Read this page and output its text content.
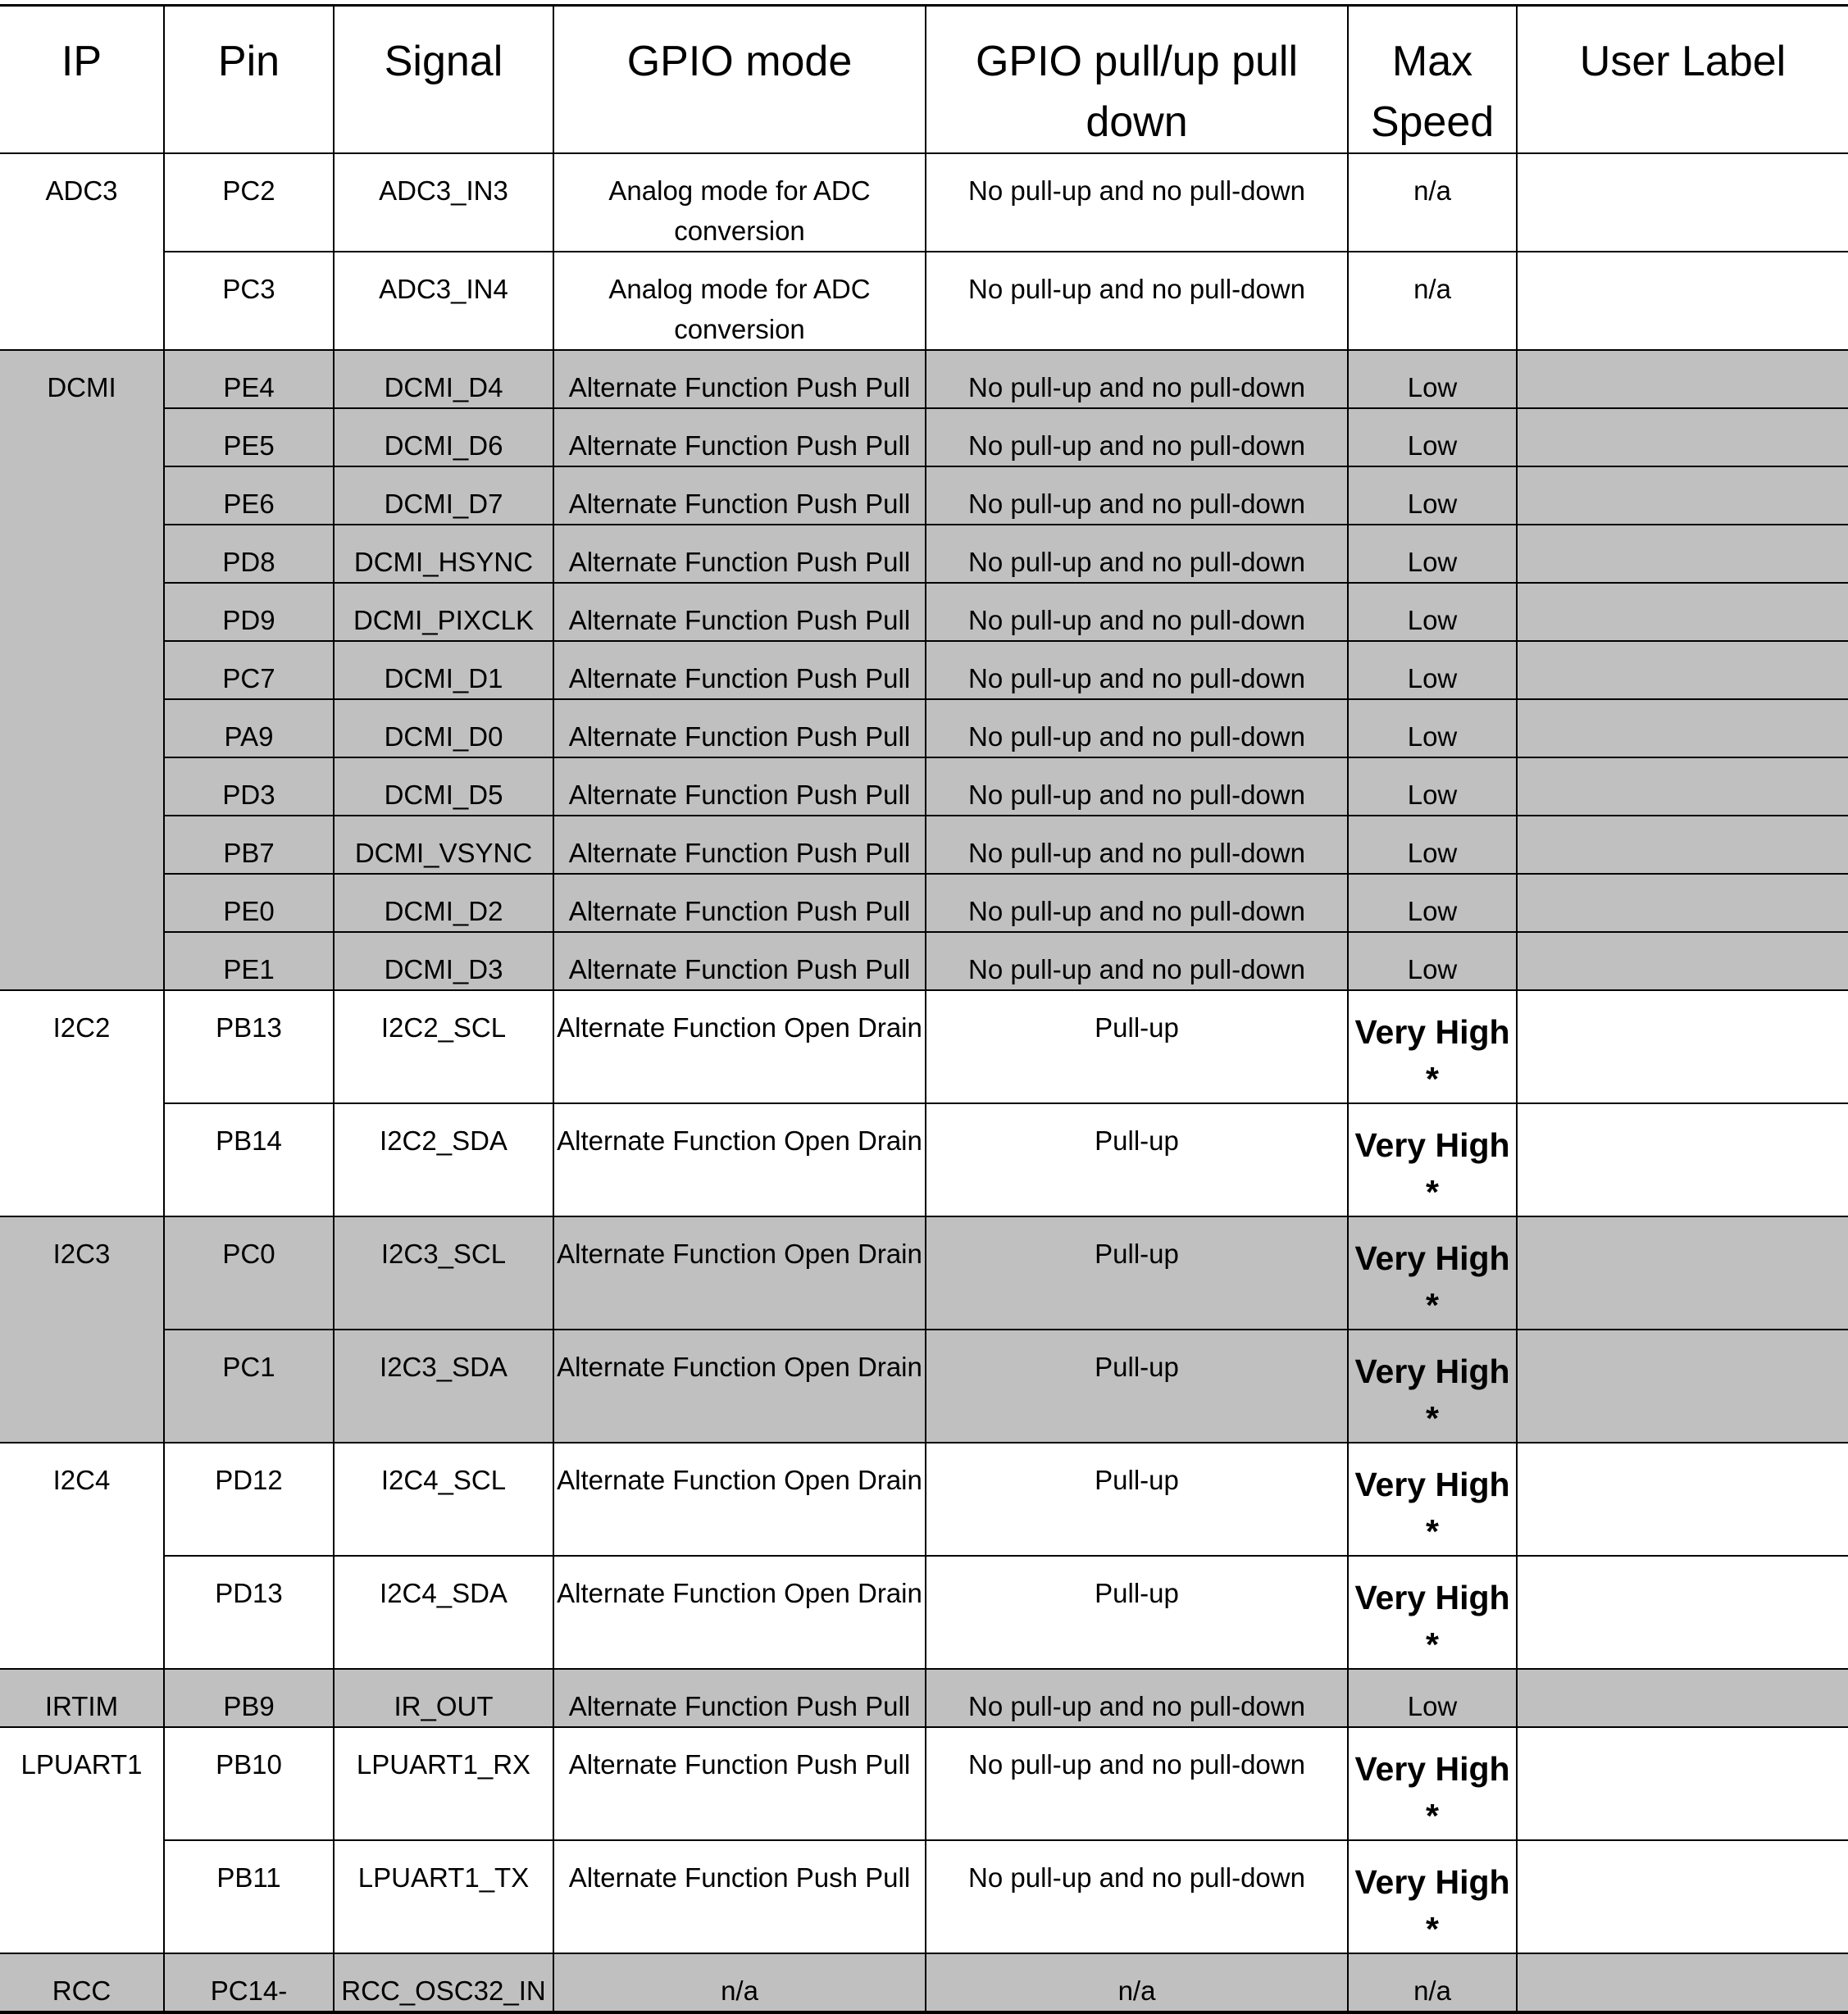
IP	Pin	Signal	GPIO mode	GPIO pull/up pull down	Max Speed	User Label
ADC3	PC2	ADC3_IN3	Analog mode for ADC conversion	No pull-up and no pull-down	n/a	
	PC3	ADC3_IN4	Analog mode for ADC conversion	No pull-up and no pull-down	n/a	
DCMI	PE4	DCMI_D4	Alternate Function Push Pull	No pull-up and no pull-down	Low	
	PE5	DCMI_D6	Alternate Function Push Pull	No pull-up and no pull-down	Low	
	PE6	DCMI_D7	Alternate Function Push Pull	No pull-up and no pull-down	Low	
	PD8	DCMI_HSYNC	Alternate Function Push Pull	No pull-up and no pull-down	Low	
	PD9	DCMI_PIXCLK	Alternate Function Push Pull	No pull-up and no pull-down	Low	
	PC7	DCMI_D1	Alternate Function Push Pull	No pull-up and no pull-down	Low	
	PA9	DCMI_D0	Alternate Function Push Pull	No pull-up and no pull-down	Low	
	PD3	DCMI_D5	Alternate Function Push Pull	No pull-up and no pull-down	Low	
	PB7	DCMI_VSYNC	Alternate Function Push Pull	No pull-up and no pull-down	Low	
	PE0	DCMI_D2	Alternate Function Push Pull	No pull-up and no pull-down	Low	
	PE1	DCMI_D3	Alternate Function Push Pull	No pull-up and no pull-down	Low	
I2C2	PB13	I2C2_SCL	Alternate Function Open Drain	Pull-up	Very High *	
	PB14	I2C2_SDA	Alternate Function Open Drain	Pull-up	Very High *	
I2C3	PC0	I2C3_SCL	Alternate Function Open Drain	Pull-up	Very High *	
	PC1	I2C3_SDA	Alternate Function Open Drain	Pull-up	Very High *	
I2C4	PD12	I2C4_SCL	Alternate Function Open Drain	Pull-up	Very High *	
	PD13	I2C4_SDA	Alternate Function Open Drain	Pull-up	Very High *	
IRTIM	PB9	IR_OUT	Alternate Function Push Pull	No pull-up and no pull-down	Low	
LPUART1	PB10	LPUART1_RX	Alternate Function Push Pull	No pull-up and no pull-down	Very High *	
	PB11	LPUART1_TX	Alternate Function Push Pull	No pull-up and no pull-down	Very High *	
RCC	PC14-	RCC_OSC32_IN	n/a	n/a	n/a	
